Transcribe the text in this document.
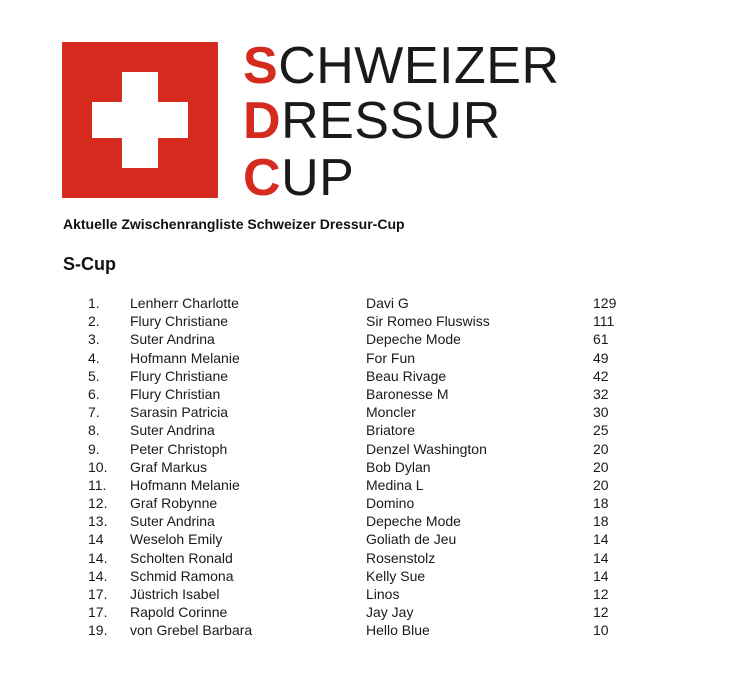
SCHWEIZER
DRESSUR
CUP
Aktuelle Zwischenrangliste Schweizer Dressur-Cup
S-Cup
1. Lenherr Charlotte	Davi G	129
2. Flury Christiane	Sir Romeo Fluswiss	111
3. Suter Andrina	Depeche Mode	61
4. Hofmann Melanie	For Fun	49
5. Flury Christiane	Beau Rivage	42
6. Flury Christian	Baronesse M	32
7. Sarasin Patricia	Moncler	30
8. Suter Andrina	Briatore	25
9. Peter Christoph	Denzel Washington	20
10. Graf Markus	Bob Dylan	20
11. Hofmann Melanie	Medina L	20
12. Graf Robynne	Domino	18
13. Suter Andrina	Depeche Mode	18
14 Weseloh Emily	Goliath de Jeu	14
14. Scholten Ronald	Rosenstolz	14
14. Schmid Ramona	Kelly Sue	14
17. Jüstrich Isabel	Linos	12
17. Rapold Corinne	Jay Jay	12
19. von Grebel Barbara	Hello Blue	10
